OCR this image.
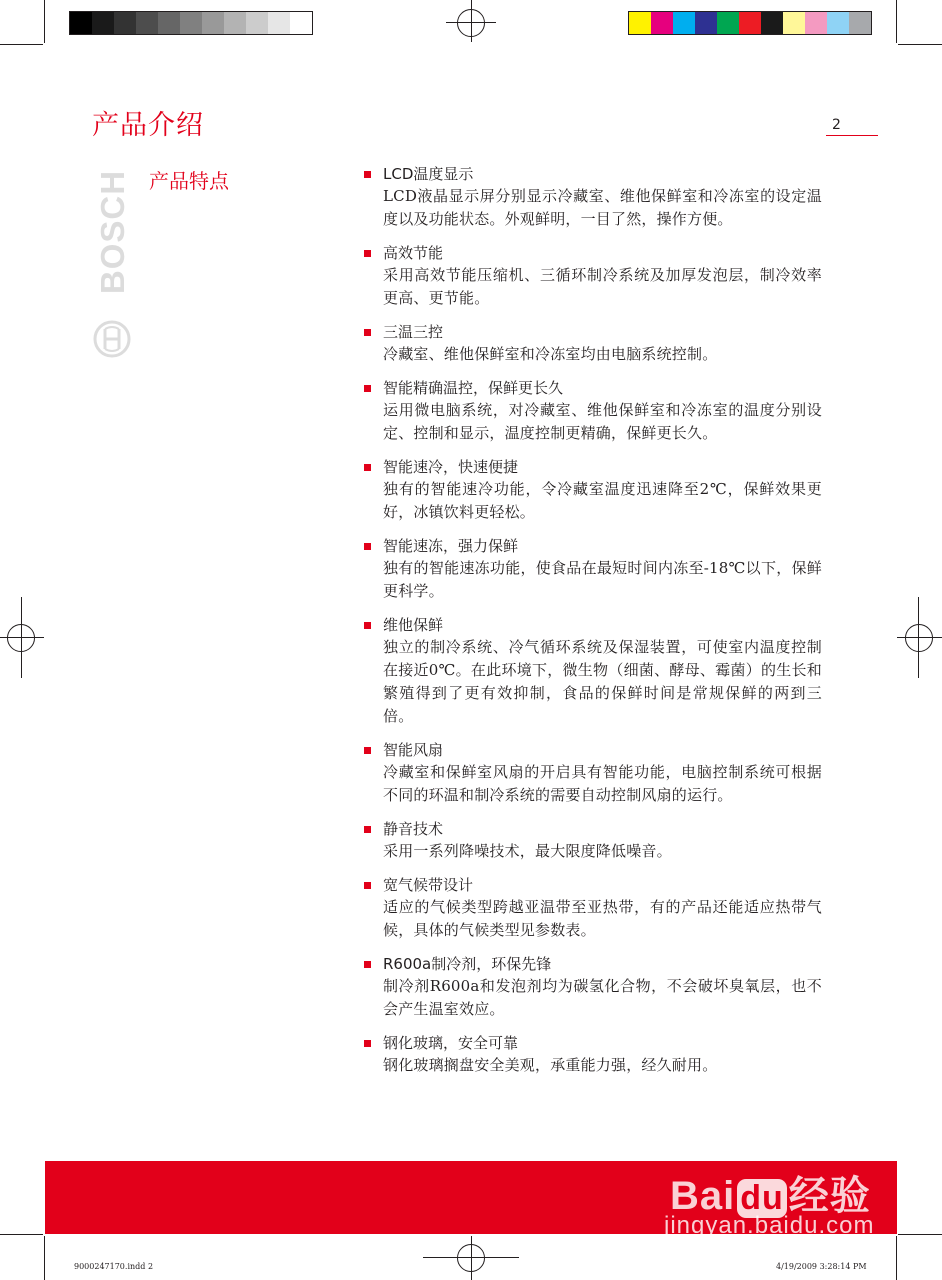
产品介绍	2
BOSCH 产品特点	LCD温度显示
LCD液晶显示屏分别显示冷藏室、维他保鲜室和冷冻室的设定温度以及功能状态。外观鲜明，一目了然，操作方便。
高效节能
采用高效节能压缩机、三循环制冷系统及加厚发泡层，制冷效率更高、更节能。
三温三控
冷藏室、维他保鲜室和冷冻室均由电脑系统控制。
智能精确温控，保鲜更长久
运用微电脑系统，对冷藏室、维他保鲜室和冷冻室的温度分别设定、控制和显示，温度控制更精确，保鲜更长久。
智能速冷，快速便捷
独有的智能速冷功能，令冷藏室温度迅速降至2℃，保鲜效果更好，冰镇饮料更轻松。
智能速冻，强力保鲜
独有的智能速冻功能，使食品在最短时间内冻至-18℃以下，保鲜更科学。
维他保鲜
独立的制冷系统、冷气循环系统及保湿装置，可使室内温度控制在接近0℃。在此环境下，微生物（细菌、酵母、霉菌）的生长和繁殖得到了更有效抑制，食品的保鲜时间是常规保鲜的两到三倍。
智能风扇
冷藏室和保鲜室风扇的开启具有智能功能，电脑控制系统可根据不同的环温和制冷系统的需要自动控制风扇的运行。
静音技术
采用一系列降噪技术，最大限度降低噪音。
宽气候带设计
适应的气候类型跨越亚温带至亚热带，有的产品还能适应热带气候，具体的气候类型见参数表。
R600a制冷剂，环保先锋
制冷剂R600a和发泡剂均为碳氢化合物，不会破坏臭氧层，也不会产生温室效应。
钢化玻璃，安全可靠
钢化玻璃搁盘安全美观，承重能力强，经久耐用。
Bai du 经验
jingyan.baidu.com
9000247170.indd 2	4/19/2009 3:28:14 PM
